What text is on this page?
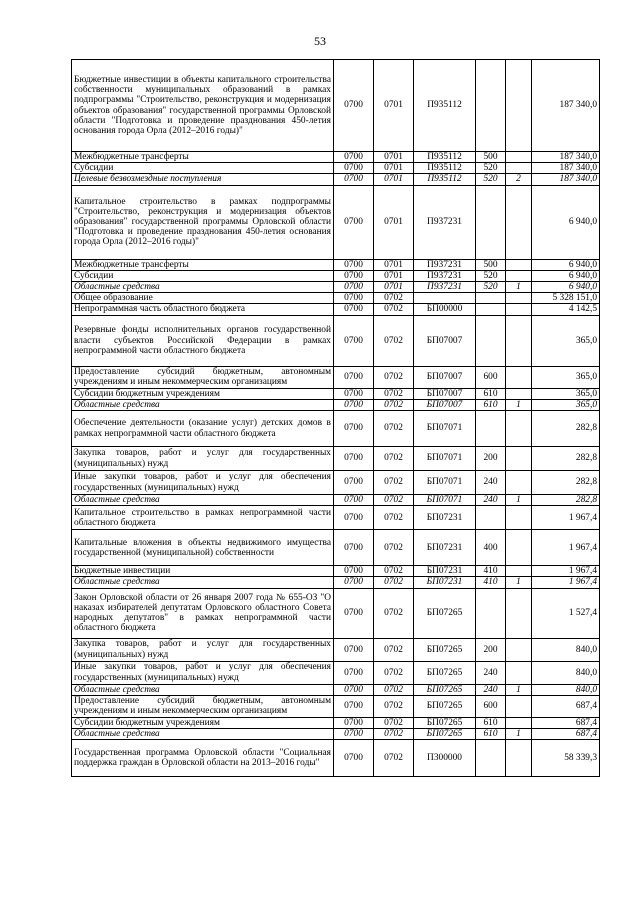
53
Бюджетные инвестиции в объекты капитального строительства собственности муниципальных образований в рамках подпрограммы "Строительство, реконструкция и модернизация объектов образования" государственной программы Орловской области "Подготовка и проведение празднования 450-летия основания города Орла (2012–2016 годы)"	0700	0701	П935112			187 340,0
Межбюджетные трансферты	0700	0701	П935112	500		187 340,0
Субсидии	0700	0701	П935112	520		187 340,0
Целевые безвозмездные поступления	0700	0701	П935112	520	2	187 340,0
Капитальное строительство в рамках подпрограммы "Строительство, реконструкция и модернизация объектов образования" государственной программы Орловской области "Подготовка и проведение празднования 450-летия основания города Орла (2012–2016 годы)"	0700	0701	П937231			6 940,0
Межбюджетные трансферты	0700	0701	П937231	500		6 940,0
Субсидии	0700	0701	П937231	520		6 940,0
Областные средства	0700	0701	П937231	520	1	6 940,0
Общее образование	0700	0702				5 328 151,0
Непрограммная часть областного бюджета	0700	0702	БП00000			4 142,5
Резервные фонды исполнительных органов государственной власти субъектов Российской Федерации в рамках непрограммной части областного бюджета	0700	0702	БП07007			365,0
Предоставление субсидий бюджетным, автономным учреждениям и иным некоммерческим организациям	0700	0702	БП07007	600		365,0
Субсидии бюджетным учреждениям	0700	0702	БП07007	610		365,0
Областные средства	0700	0702	БП07007	610	1	365,0
Обеспечение деятельности (оказание услуг) детских домов в рамках непрограммной части областного бюджета	0700	0702	БП07071			282,8
Закупка товаров, работ и услуг для государственных (муниципальных) нужд	0700	0702	БП07071	200		282,8
Иные закупки товаров, работ и услуг для обеспечения государственных (муниципальных) нужд	0700	0702	БП07071	240		282,8
Областные средства	0700	0702	БП07071	240	1	282,8
Капитальное строительство в рамках непрограммной части областного бюджета	0700	0702	БП07231			1 967,4
Капитальные вложения в объекты недвижимого имущества государственной (муниципальной) собственности	0700	0702	БП07231	400		1 967,4
Бюджетные инвестиции	0700	0702	БП07231	410		1 967,4
Областные средства	0700	0702	БП07231	410	1	1 967,4
Закон Орловской области от 26 января 2007 года № 655-ОЗ "О наказах избирателей депутатам Орловского областного Совета народных депутатов" в рамках непрограммной части областного бюджета	0700	0702	БП07265			1 527,4
Закупка товаров, работ и услуг для государственных (муниципальных) нужд	0700	0702	БП07265	200		840,0
Иные закупки товаров, работ и услуг для обеспечения государственных (муниципальных) нужд	0700	0702	БП07265	240		840,0
Областные средства	0700	0702	БП07265	240	1	840,0
Предоставление субсидий бюджетным, автономным учреждениям и иным некоммерческим организациям	0700	0702	БП07265	600		687,4
Субсидии бюджетным учреждениям	0700	0702	БП07265	610		687,4
Областные средства	0700	0702	БП07265	610	1	687,4
Государственная программа Орловской области "Социальная поддержка граждан в Орловской области на 2013–2016 годы"	0700	0702	П300000			58 339,3
